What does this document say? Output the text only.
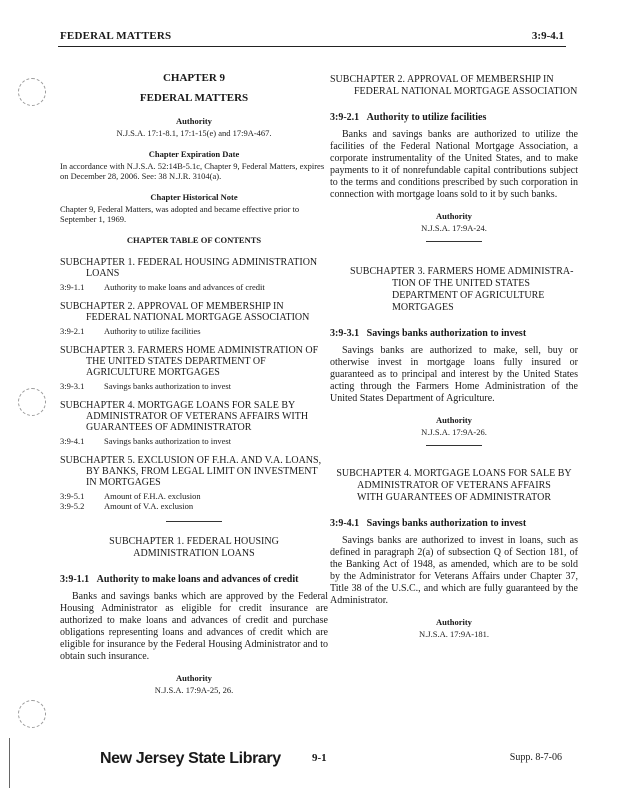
FEDERAL MATTERS	3:9-4.1
CHAPTER 9
FEDERAL MATTERS
Authority
N.J.S.A. 17:1-8.1, 17:1-15(e) and 17:9A-467.
Chapter Expiration Date
In accordance with N.J.S.A. 52:14B-5.1c, Chapter 9, Federal Matters, expires on December 28, 2006. See: 38 N.J.R. 3104(a).
Chapter Historical Note
Chapter 9, Federal Matters, was adopted and became effective prior to September 1, 1969.
CHAPTER TABLE OF CONTENTS
SUBCHAPTER 1. FEDERAL HOUSING ADMINISTRATION LOANS
3:9-1.1 Authority to make loans and advances of credit
SUBCHAPTER 2. APPROVAL OF MEMBERSHIP IN FEDERAL NATIONAL MORTGAGE ASSOCIATION
3:9-2.1 Authority to utilize facilities
SUBCHAPTER 3. FARMERS HOME ADMINISTRATION OF THE UNITED STATES DEPARTMENT OF AGRICULTURE MORTGAGES
3:9-3.1 Savings banks authorization to invest
SUBCHAPTER 4. MORTGAGE LOANS FOR SALE BY ADMINISTRATOR OF VETERANS AFFAIRS WITH GUARANTEES OF ADMINISTRATOR
3:9-4.1 Savings banks authorization to invest
SUBCHAPTER 5. EXCLUSION OF F.H.A. AND V.A. LOANS, BY BANKS, FROM LEGAL LIMIT ON INVESTMENT IN MORTGAGES
3:9-5.1 Amount of F.H.A. exclusion
3:9-5.2 Amount of V.A. exclusion
SUBCHAPTER 1. FEDERAL HOUSING
ADMINISTRATION LOANS
3:9-1.1 Authority to make loans and advances of credit
Banks and savings banks which are approved by the Federal Housing Administrator as eligible for credit insurance are authorized to make loans and advances of credit and purchase obligations representing loans and advances of credit which are eligible for insurance by the Federal Housing Administrator and to obtain such insurance.
Authority
N.J.S.A. 17:9A-25, 26.
SUBCHAPTER 2. APPROVAL OF MEMBERSHIP IN FEDERAL NATIONAL MORTGAGE ASSOCIATION
3:9-2.1 Authority to utilize facilities
Banks and savings banks are authorized to utilize the facilities of the Federal National Mortgage Association, a corporate instrumentality of the United States, and to make payments to it of nonrefundable capital contributions subject to the terms and conditions prescribed by such corporation in connection with mortgage loans sold to it by such banks.
Authority
N.J.S.A. 17:9A-24.
SUBCHAPTER 3. FARMERS HOME ADMINISTRA-TION OF THE UNITED STATES DEPARTMENT OF AGRICULTURE MORTGAGES
3:9-3.1 Savings banks authorization to invest
Savings banks are authorized to make, sell, buy or otherwise invest in mortgage loans fully insured or guaranteed as to principal and interest by the United States acting through the Farmers Home Administration of the United States Department of Agriculture.
Authority
N.J.S.A. 17:9A-26.
SUBCHAPTER 4. MORTGAGE LOANS FOR SALE BY
ADMINISTRATOR OF VETERANS AFFAIRS
WITH GUARANTEES OF ADMINISTRATOR
3:9-4.1 Savings banks authorization to invest
Savings banks are authorized to invest in loans, such as defined in paragraph 2(a) of subsection Q of Section 181, of the Banking Act of 1948, as amended, which are to be sold by the Administrator for Veterans Affairs under Chapter 37, Title 38 of the U.S.C., and which are fully guaranteed by the Administrator.
Authority
N.J.S.A. 17:9A-181.
New Jersey State Library	9-1	Supp. 8-7-06
